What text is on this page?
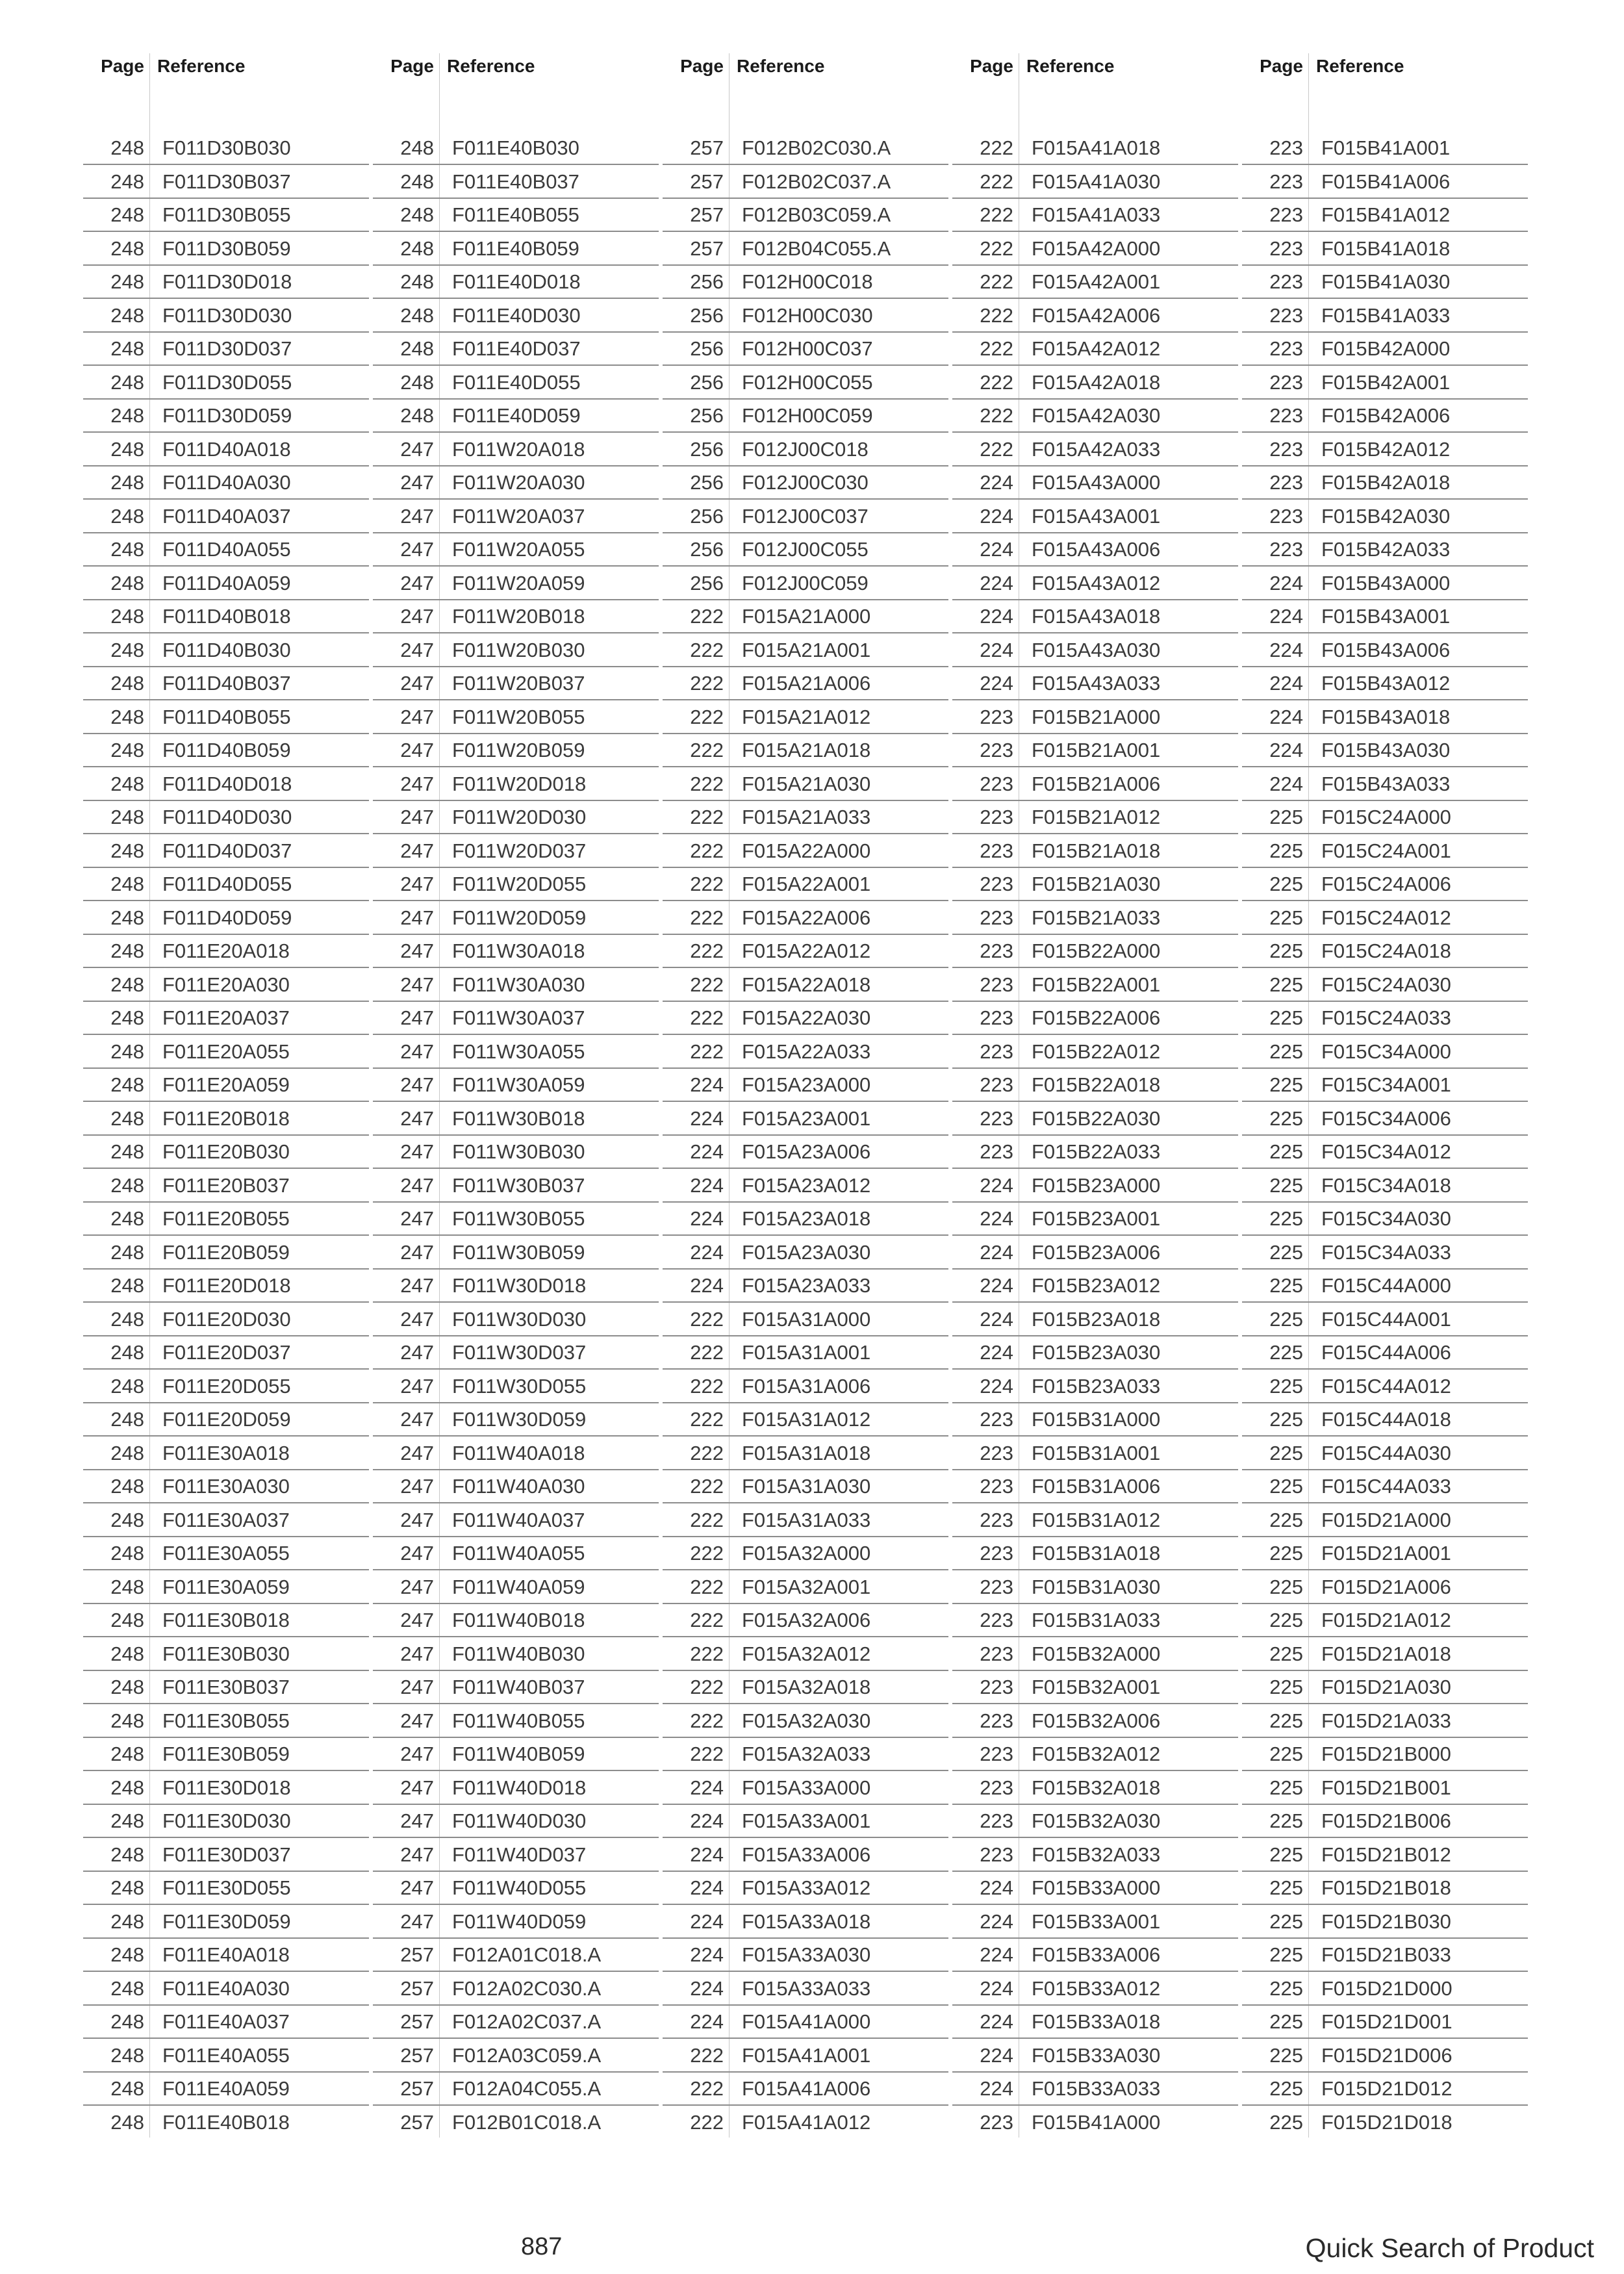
Page Reference
248 F011D30B030
248 F011D30B037
248 F011D30B055
248 F011D30B059
248 F011D30D018
248 F011D30D030
248 F011D30D037
248 F011D30D055
248 F011D30D059
248 F011D40A018
248 F011D40A030
248 F011D40A037
248 F011D40A055
248 F011D40A059
248 F011D40B018
248 F011D40B030
248 F011D40B037
248 F011D40B055
248 F011D40B059
248 F011D40D018
248 F011D40D030
248 F011D40D037
248 F011D40D055
248 F011D40D059
248 F011E20A018
248 F011E20A030
248 F011E20A037
248 F011E20A055
248 F011E20A059
248 F011E20B018
248 F011E20B030
248 F011E20B037
248 F011E20B055
248 F011E20B059
248 F011E20D018
248 F011E20D030
248 F011E20D037
248 F011E20D055
248 F011E20D059
248 F011E30A018
248 F011E30A030
248 F011E30A037
248 F011E30A055
248 F011E30A059
248 F011E30B018
248 F011E30B030
248 F011E30B037
248 F011E30B055
248 F011E30B059
248 F011E30D018
248 F011E30D030
248 F011E30D037
248 F011E30D055
248 F011E30D059
248 F011E40A018
248 F011E40A030
248 F011E40A037
248 F011E40A055
248 F011E40A059
248 F011E40B018
Page Reference
248 F011E40B030
248 F011E40B037
248 F011E40B055
248 F011E40B059
248 F011E40D018
248 F011E40D030
248 F011E40D037
248 F011E40D055
248 F011E40D059
247 F011W20A018
247 F011W20A030
247 F011W20A037
247 F011W20A055
247 F011W20A059
247 F011W20B018
247 F011W20B030
247 F011W20B037
247 F011W20B055
247 F011W20B059
247 F011W20D018
247 F011W20D030
247 F011W20D037
247 F011W20D055
247 F011W20D059
247 F011W30A018
247 F011W30A030
247 F011W30A037
247 F011W30A055
247 F011W30A059
247 F011W30B018
247 F011W30B030
247 F011W30B037
247 F011W30B055
247 F011W30B059
247 F011W30D018
247 F011W30D030
247 F011W30D037
247 F011W30D055
247 F011W30D059
247 F011W40A018
247 F011W40A030
247 F011W40A037
247 F011W40A055
247 F011W40A059
247 F011W40B018
247 F011W40B030
247 F011W40B037
247 F011W40B055
247 F011W40B059
247 F011W40D018
247 F011W40D030
247 F011W40D037
247 F011W40D055
247 F011W40D059
257 F012A01C018.A
257 F012A02C030.A
257 F012A02C037.A
257 F012A03C059.A
257 F012A04C055.A
257 F012B01C018.A
Page Reference
257 F012B02C030.A
257 F012B02C037.A
257 F012B03C059.A
257 F012B04C055.A
256 F012H00C018
256 F012H00C030
256 F012H00C037
256 F012H00C055
256 F012H00C059
256 F012J00C018
256 F012J00C030
256 F012J00C037
256 F012J00C055
256 F012J00C059
222 F015A21A000
222 F015A21A001
222 F015A21A006
222 F015A21A012
222 F015A21A018
222 F015A21A030
222 F015A21A033
222 F015A22A000
222 F015A22A001
222 F015A22A006
222 F015A22A012
222 F015A22A018
222 F015A22A030
222 F015A22A033
224 F015A23A000
224 F015A23A001
224 F015A23A006
224 F015A23A012
224 F015A23A018
224 F015A23A030
224 F015A23A033
222 F015A31A000
222 F015A31A001
222 F015A31A006
222 F015A31A012
222 F015A31A018
222 F015A31A030
222 F015A31A033
222 F015A32A000
222 F015A32A001
222 F015A32A006
222 F015A32A012
222 F015A32A018
222 F015A32A030
222 F015A32A033
224 F015A33A000
224 F015A33A001
224 F015A33A006
224 F015A33A012
224 F015A33A018
224 F015A33A030
224 F015A33A033
224 F015A41A000
222 F015A41A001
222 F015A41A006
222 F015A41A012
Page Reference
222 F015A41A018
222 F015A41A030
222 F015A41A033
222 F015A42A000
222 F015A42A001
222 F015A42A006
222 F015A42A012
222 F015A42A018
222 F015A42A030
222 F015A42A033
224 F015A43A000
224 F015A43A001
224 F015A43A006
224 F015A43A012
224 F015A43A018
224 F015A43A030
224 F015A43A033
223 F015B21A000
223 F015B21A001
223 F015B21A006
223 F015B21A012
223 F015B21A018
223 F015B21A030
223 F015B21A033
223 F015B22A000
223 F015B22A001
223 F015B22A006
223 F015B22A012
223 F015B22A018
223 F015B22A030
223 F015B22A033
224 F015B23A000
224 F015B23A001
224 F015B23A006
224 F015B23A012
224 F015B23A018
224 F015B23A030
224 F015B23A033
223 F015B31A000
223 F015B31A001
223 F015B31A006
223 F015B31A012
223 F015B31A018
223 F015B31A030
223 F015B31A033
223 F015B32A000
223 F015B32A001
223 F015B32A006
223 F015B32A012
223 F015B32A018
223 F015B32A030
223 F015B32A033
224 F015B33A000
224 F015B33A001
224 F015B33A006
224 F015B33A012
224 F015B33A018
224 F015B33A030
224 F015B33A033
223 F015B41A000
Page Reference
223 F015B41A001
223 F015B41A006
223 F015B41A012
223 F015B41A018
223 F015B41A030
223 F015B41A033
223 F015B42A000
223 F015B42A001
223 F015B42A006
223 F015B42A012
223 F015B42A018
223 F015B42A030
223 F015B42A033
224 F015B43A000
224 F015B43A001
224 F015B43A006
224 F015B43A012
224 F015B43A018
224 F015B43A030
224 F015B43A033
225 F015C24A000
225 F015C24A001
225 F015C24A006
225 F015C24A012
225 F015C24A018
225 F015C24A030
225 F015C24A033
225 F015C34A000
225 F015C34A001
225 F015C34A006
225 F015C34A012
225 F015C34A018
225 F015C34A030
225 F015C34A033
225 F015C44A000
225 F015C44A001
225 F015C44A006
225 F015C44A012
225 F015C44A018
225 F015C44A030
225 F015C44A033
225 F015D21A000
225 F015D21A001
225 F015D21A006
225 F015D21A012
225 F015D21A018
225 F015D21A030
225 F015D21A033
225 F015D21B000
225 F015D21B001
225 F015D21B006
225 F015D21B012
225 F015D21B018
225 F015D21B030
225 F015D21B033
225 F015D21D000
225 F015D21D001
225 F015D21D006
225 F015D21D012
225 F015D21D018
887	Quick Search of Product
